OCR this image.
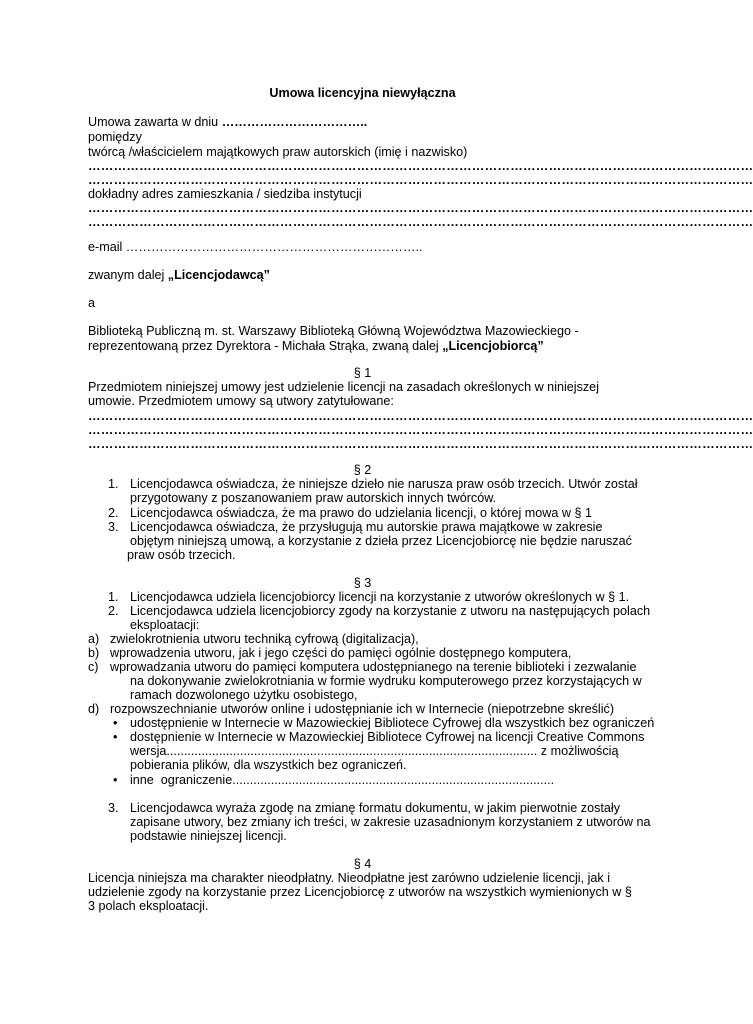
Umowa licencyjna niewyłączna
Umowa zawarta w dniu ……………………………..
pomiędzy
twórcą /właścicielem majątkowych praw autorskich (imię i nazwisko)
…………………………………………………………………………………………………………………………………………
…………………………………………………………………………………………………………………………………………
dokładny adres zamieszkania / siedziba instytucji
…………………………………………………………………………………………………………………………………………
…………………………………………………………………………………………………………………………………………
e-mail ……………………………………………………………..
zwanym dalej „Licencjodawcą”
a
Biblioteką Publiczną m. st. Warszawy Biblioteką Główną Województwa Mazowieckiego -
reprezentowaną przez Dyrektora - Michała Strąka, zwaną dalej „Licencjobiorcą”
§ 1
Przedmiotem niniejszej umowy jest udzielenie licencji na zasadach określonych w niniejszej
umowie. Przedmiotem umowy są utwory zatytułowane:
…………………………………………………………………………………………………………………………………………
…………………………………………………………………………………………………………………………………………
…………………………………………………………………………………………………………………………………………
§ 2
1. Licencjodawca oświadcza, że niniejsze dzieło nie narusza praw osób trzecich. Utwór został
przygotowany z poszanowaniem praw autorskich innych twórców.
2. Licencjodawca oświadcza, że ma prawo do udzielania licencji, o której mowa w § 1
3. Licencjodawca oświadcza, że przysługują mu autorskie prawa majątkowe w zakresie
objętym niniejszą umową, a korzystanie z dzieła przez Licencjobiorcę nie będzie naruszać
praw osób trzecich.
§ 3
1. Licencjodawca udziela licencjobiorcy licencji na korzystanie z utworów określonych w § 1.
2. Licencjodawca udziela licencjobiorcy zgody na korzystanie z utworu na następujących polach
eksploatacji:
a) zwielokrotnienia utworu techniką cyfrową (digitalizacja),
b) wprowadzenia utworu, jak i jego części do pamięci ogólnie dostępnego komputera,
c) wprowadzania utworu do pamięci komputera udostępnianego na terenie biblioteki i zezwalanie
na dokonywanie zwielokrotniania w formie wydruku komputerowego przez korzystających w
ramach dozwolonego użytku osobistego,
d) rozpowszechnianie utworów online i udostępnianie ich w Internecie (niepotrzebne skreślić)
• udostępnienie w Internecie w Mazowieckiej Bibliotece Cyfrowej dla wszystkich bez ograniczeń
• dostępnienie w Internecie w Mazowieckiej Bibliotece Cyfrowej na licencji Creative Commons
wersja.......................................................................................................... z możliwością
pobierania plików, dla wszystkich bez ograniczeń.
• inne  ograniczenie............................................................................................
3. Licencjodawca wyraża zgodę na zmianę formatu dokumentu, w jakim pierwotnie zostały
zapisane utwory, bez zmiany ich treści, w zakresie uzasadnionym korzystaniem z utworów na
podstawie niniejszej licencji.
§ 4
Licencja niniejsza ma charakter nieodpłatny. Nieodpłatne jest zarówno udzielenie licencji, jak i
udzielenie zgody na korzystanie przez Licencjobiorcę z utworów na wszystkich wymienionych w §
3 polach eksploatacji.
